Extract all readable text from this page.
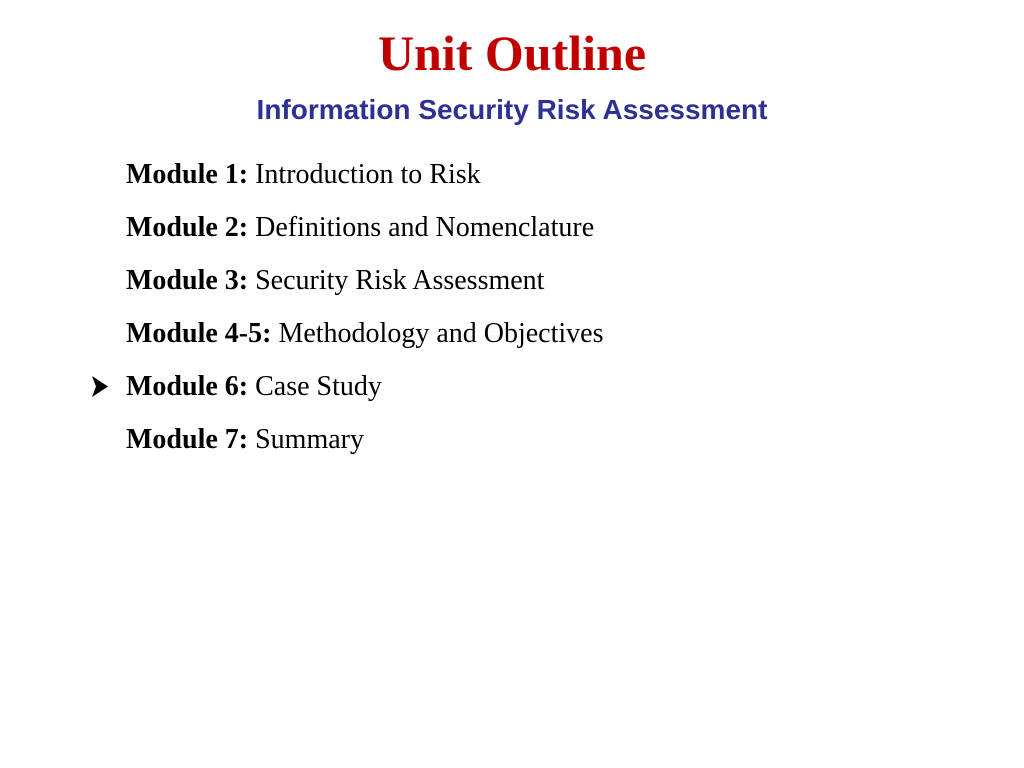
Unit Outline
Information Security Risk Assessment
Module 1: Introduction to Risk
Module 2: Definitions and Nomenclature
Module 3: Security Risk Assessment
Module 4-5: Methodology and Objectives
Module 6: Case Study
Module 7: Summary
